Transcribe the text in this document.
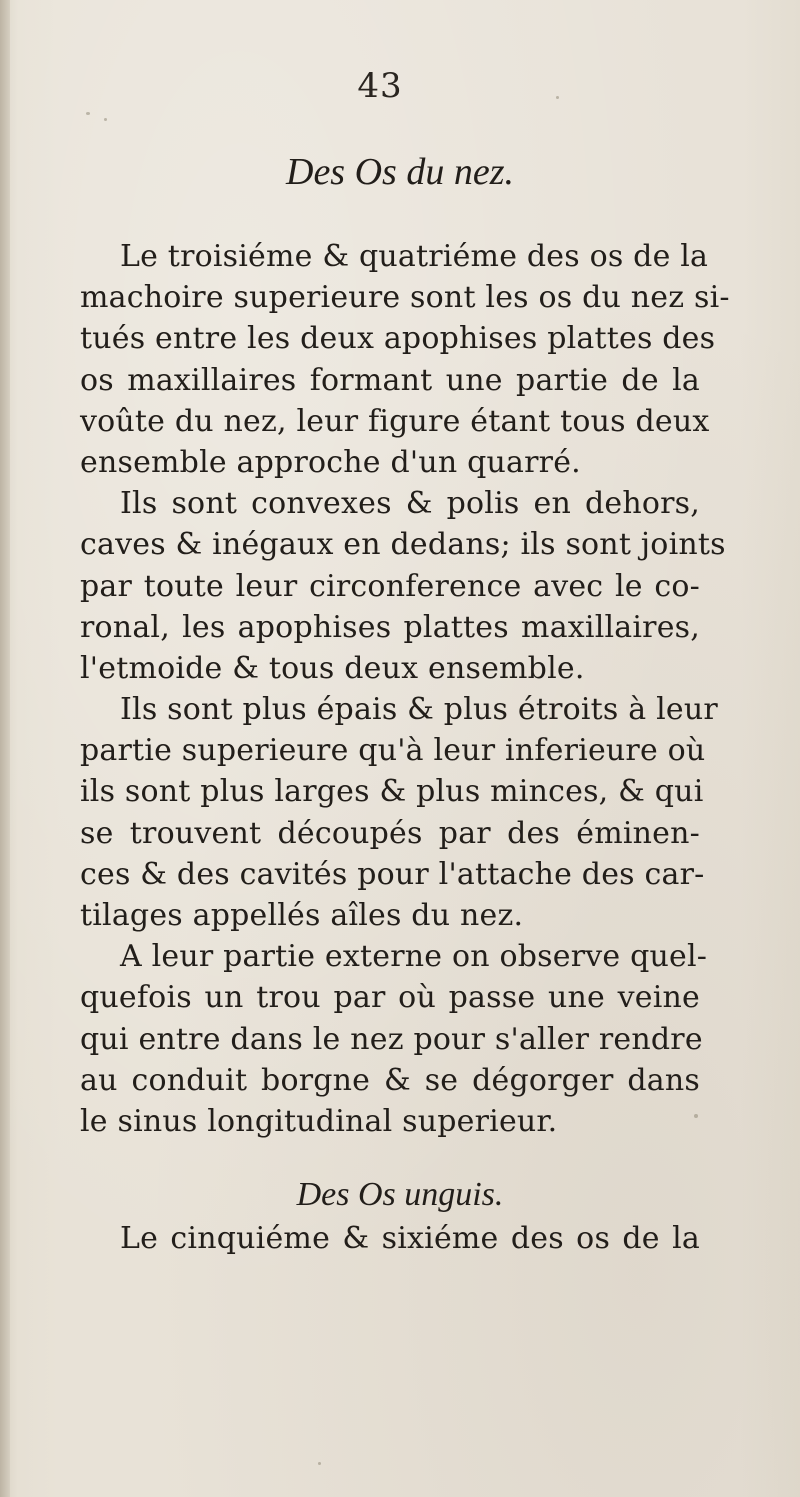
43
Des Os du nez.
Le troisiéme & quatriéme des os de la
machoire superieure sont les os du nez si-
tués entre les deux apophises plattes des
os maxillaires formant une partie de la
voûte du nez, leur figure étant tous deux
ensemble approche d'un quarré.
Ils sont convexes & polis en dehors,
caves & inégaux en dedans; ils sont joints
par toute leur circonference avec le co-
ronal, les apophises plattes maxillaires,
l'etmoide & tous deux ensemble.
Ils sont plus épais & plus étroits à leur
partie superieure qu'à leur inferieure où
ils sont plus larges & plus minces, & qui
se trouvent découpés par des éminen-
ces & des cavités pour l'attache des car-
tilages appellés aîles du nez.
A leur partie externe on observe quel-
quefois un trou par où passe une veine
qui entre dans le nez pour s'aller rendre
au conduit borgne & se dégorger dans
le sinus longitudinal superieur.
Des Os unguis.
Le cinquiéme & sixiéme des os de la
